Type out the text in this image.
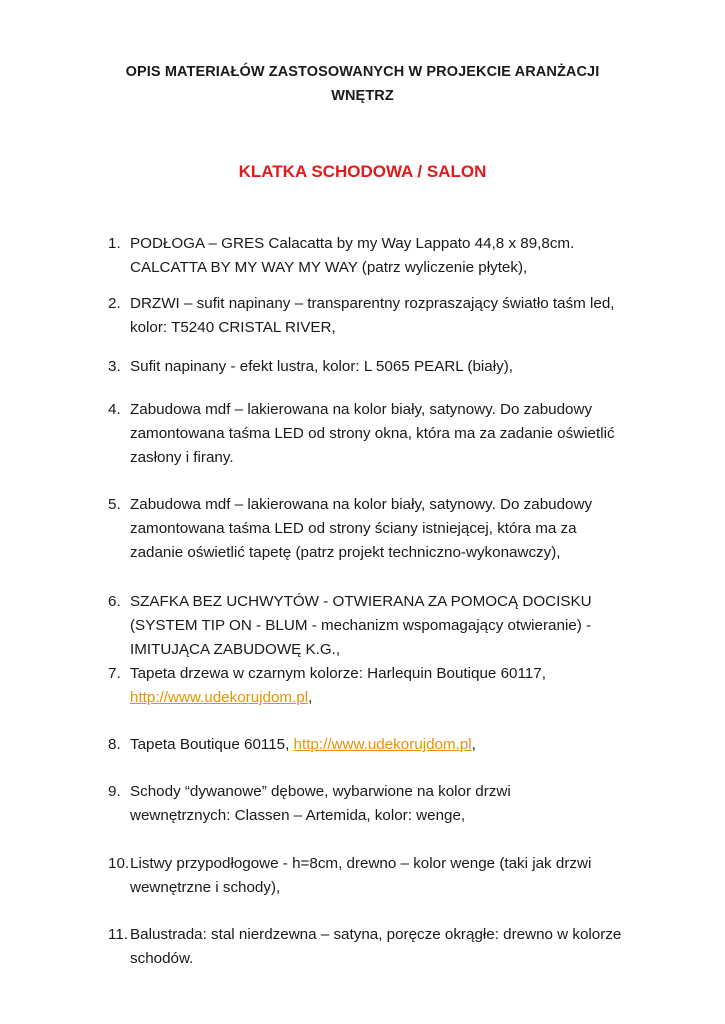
OPIS MATERIAŁÓW ZASTOSOWANYCH W PROJEKCIE ARANŻACJI
WNĘTRZ
KLATKA SCHODOWA / SALON
1. PODŁOGA – GRES Calacatta by my Way Lappato 44,8 x 89,8cm.
CALCATTA BY MY WAY MY WAY (patrz wyliczenie płytek),
2. DRZWI – sufit napinany – transparentny rozpraszający światło taśm led,
kolor: T5240 CRISTAL RIVER,
3. Sufit napinany - efekt lustra, kolor: L 5065 PEARL (biały),
4. Zabudowa mdf – lakierowana na kolor biały, satynowy. Do zabudowy
zamontowana taśma LED od strony okna, która ma za zadanie oświetlić
zasłony i firany.
5. Zabudowa mdf – lakierowana na kolor biały, satynowy. Do zabudowy
zamontowana taśma LED od strony ściany istniejącej, która ma za
zadanie oświetlić tapetę (patrz projekt techniczno-wykonawczy),
6. SZAFKA BEZ UCHWYTÓW - OTWIERANA ZA POMOCĄ DOCISKU
(SYSTEM TIP ON - BLUM - mechanizm wspomagający otwieranie) -
IMITUJĄCA ZABUDOWĘ K.G.,
7. Tapeta drzewa w czarnym kolorze: Harlequin Boutique 60117,
http://www.udekorujdom.pl,
8. Tapeta Boutique 60115, http://www.udekorujdom.pl,
9. Schody “dywanowe” dębowe, wybarwione na kolor drzwi
wewnętrznych: Classen – Artemida, kolor: wenge,
10. Listwy przypodłogowe - h=8cm, drewno – kolor wenge (taki jak drzwi
wewnętrzne i schody),
11. Balustrada: stal nierdzewna – satyna, poręcze okrągłe: drewno w kolorze
schodów.
